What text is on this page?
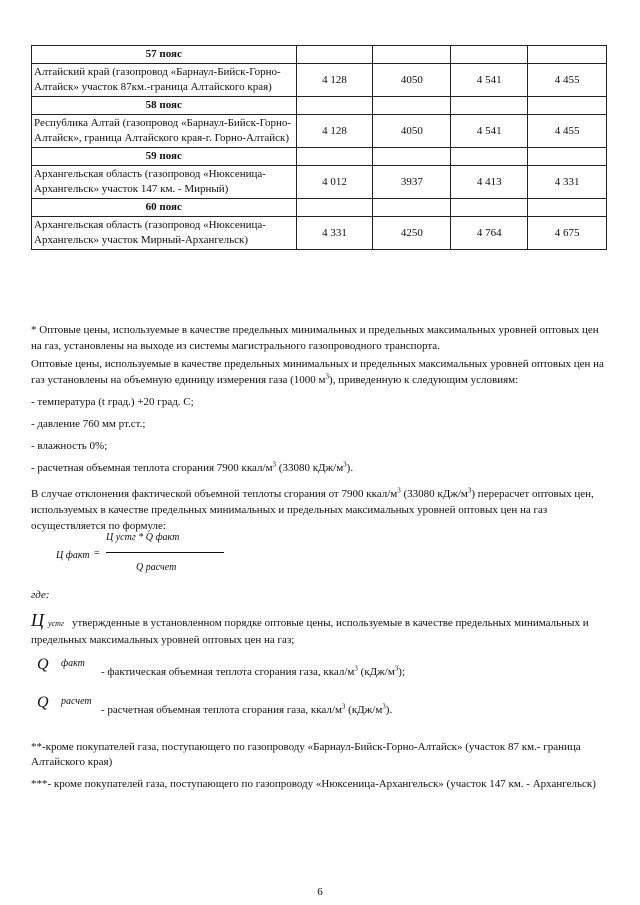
57 пояс				
Алтайский край (газопровод «Барнаул-Бийск-Горно-Алтайск» участок 87км.-граница Алтайского края)	4 128	4050	4 541	4 455
58 пояс				
Республика Алтай (газопровод «Барнаул-Бийск-Горно-Алтайск», граница Алтайского края-г. Горно-Алтайск)	4 128	4050	4 541	4 455
59 пояс				
Архангельская область (газопровод «Нюксеница-Архангельск» участок 147 км. - Мирный)	4 012	3937	4 413	4 331
60 пояс				
Архангельская область (газопровод «Нюксеница-Архангельск» участок Мирный-Архангельск)	4 331	4250	4 764	4 675

* Оптовые цены, используемые в качестве предельных минимальных и предельных максимальных уровней оптовых цен на газ, установлены на выходе из системы магистрального газопроводного транспорта.

Оптовые цены, используемые в качестве предельных минимальных и предельных максимальных уровней оптовых цен на газ установлены на объемную единицу измерения газа (1000 $м^3$), приведенную к следующим условиям:

- температура (t град.) +20 град. С;

- давление 760 мм рт.ст.;

- влажность 0%;

- расчетная объемная теплота сгорания 7900 ккал/$м^3$ (33080 кДж/$м^3$).

В случае отклонения фактической объемной теплоты сгорания от 7900 ккал/$м^3$ (33080 кДж/$м^3$) перерасчет оптовых цен, используемых в качестве предельных минимальных и предельных максимальных уровней оптовых цен на газ осуществляется по формуле:

Ц факт =
Ц устг * Q факт
Q расчет
где:
Цустг утвержденные в установленном порядке оптовые цены, используемые в качестве предельных минимальных и предельных максимальных уровней оптовых цен на газ;
Q факт
- фактическая объемная теплота сгорания газа, ккал/$м^3$ $(кДж/м^3)$;
Q расчет
- расчетная объемная теплота сгорания газа, ккал/$м^3$ $(кДж/м^3)$.

**-кроме покупателей газа, поступающего по газопроводу «Барнаул-Бийск-Горно-Алтайск» (участок 87 км.- граница Алтайского края)

***- кроме покупателей газа, поступающего по газопроводу «Нюксеница-Архангельск» (участок 147 км. - Архангельск)

6
